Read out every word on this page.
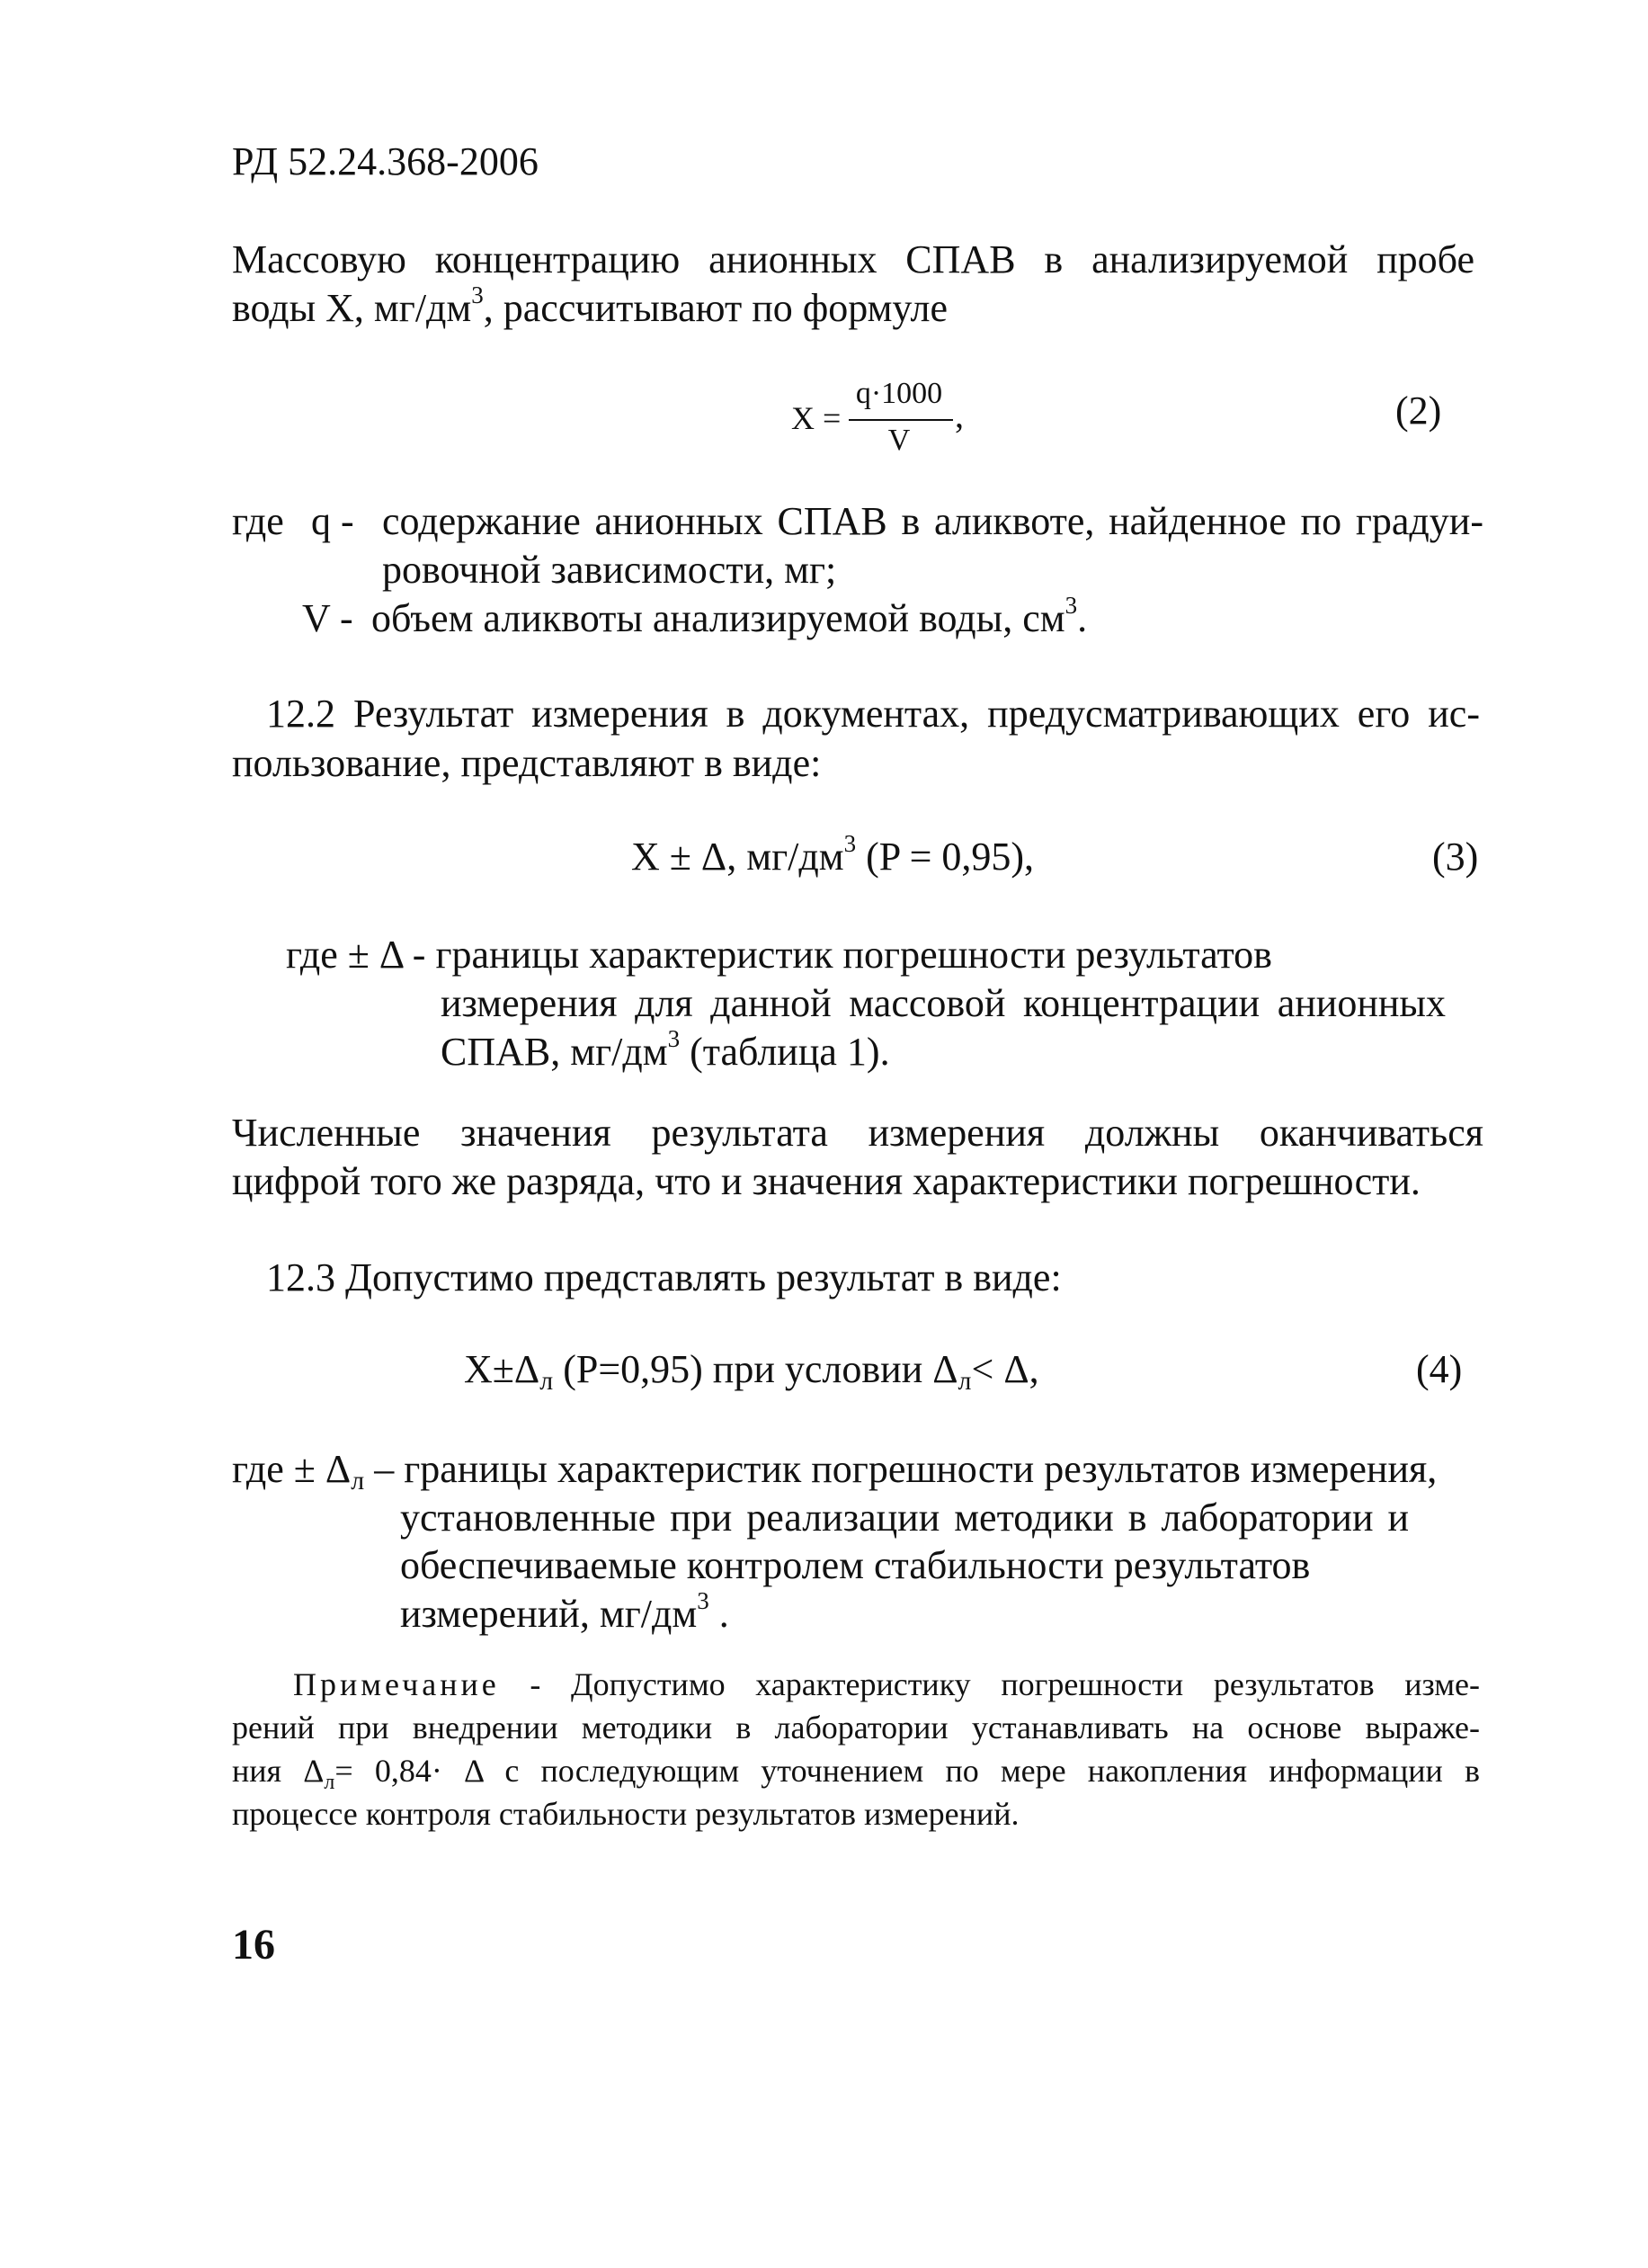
РД 52.24.368-2006
Массовую концентрацию анионных СПАВ в анализируемой пробе
воды X, $мг/дм^3$, рассчитывают по формуле
X =
q·1000
V
,	(2)
где q - содержание анионных СПАВ в аликвоте, найденное по градуи-
ровочной зависимости, мг;
V - объем аликвоты анализируемой воды, $см^3$.
12.2 Результат измерения в документах, предусматривающих его ис-
пользование, представляют в виде:
X ± Δ, $мг/дм^3$ (P = 0,95),	(3)
где ± Δ - границы характеристик погрешности результатов
измерения для данной массовой концентрации анионных
СПАВ, $мг/дм^3$ (таблица 1).
Численные значения результата измерения должны оканчиваться
цифрой того же разряда, что и значения характеристики погрешности.
12.3 Допустимо представлять результат в виде:
$X\pm\Delta_л$ (P=0,95) при условии $\Delta_л< \Delta$,	(4)
где ± $\Delta_л$ – границы характеристик погрешности результатов измерения,
установленные при реализации методики в лаборатории и
обеспечиваемые контролем стабильности результатов
измерений, $мг/дм^3$ .
Примечание - Допустимо характеристику погрешности результатов изме-
рений при внедрении методики в лаборатории устанавливать на основе выраже-
ния $\Delta_л= 0,84\cdot \Delta$ с последующим уточнением по мере накопления информации в
процессе контроля стабильности результатов измерений.
16
